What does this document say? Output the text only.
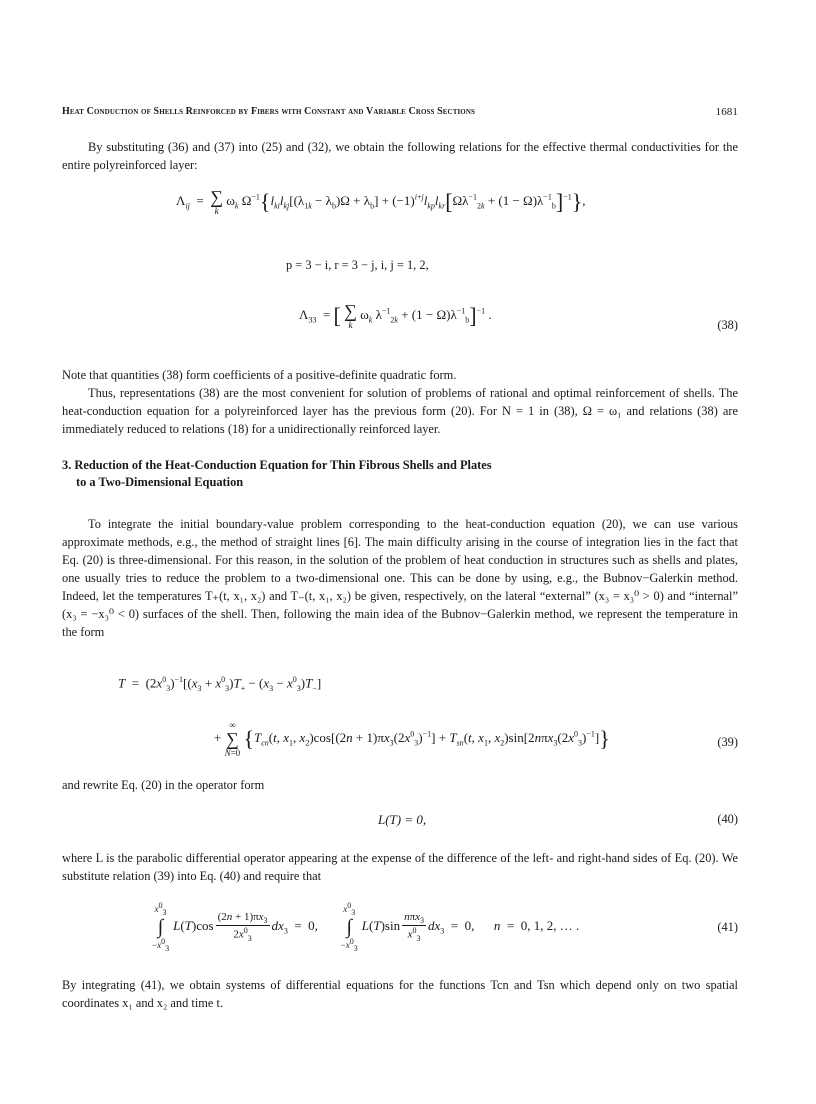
Heat Conduction of Shells Reinforced by Fibers with Constant and Variable Cross Sections	1681

By substituting (36) and (37) into (25) and (32), we obtain the following relations for the effective thermal conductivities for the entire polyreinforced layer:

$\Lambda_{ij}$  = ∑
k
$\omega_k$ $\Omega^{-1}\{l_{ki}l_{kj}[(\lambda_{1k} - \lambda_b)\Omega + \lambda_b] + (-1)^{i+j}l_{kp}l_{kr}[\Omega\lambda^{-1}_{2k} + (1 - \Omega)\lambda^{-1}_b]^{-1}\}$,
p = 3 − i, r = 3 − j, i, j = 1, 2,
$\Lambda_{33}$  = [ ∑
k
$\omega_k$ $\lambda^{-1}_{2k} + (1 - \Omega)\lambda^{-1}_b]^{-1}$ .
(38)

Note that quantities (38) form coefficients of a positive-definite quadratic form.

Thus, representations (38) are the most convenient for solution of problems of rational and optimal reinforcement of shells. The heat-conduction equation for a polyreinforced layer has the previous form (20). For N = 1 in (38), Ω = ω₁ and relations (38) are immediately reduced to relations (18) for a unidirectionally reinforced layer.

3. Reduction of the Heat-Conduction Equation for Thin Fibrous Shells and Plates
to a Two-Dimensional Equation

To integrate the initial boundary-value problem corresponding to the heat-conduction equation (20), we can use various approximate methods, e.g., the method of straight lines [6]. The main difficulty arising in the course of integration lies in the fact that Eq. (20) is three-dimensional. For this reason, in the solution of the problem of heat conduction in structures such as shells and plates, one usually tries to reduce the problem to a two-dimensional one. This can be done by using, e.g., the Bubnov−Galerkin method. Indeed, let the temperatures T₊(t, x₁, x₂) and T₋(t, x₁, x₂) be given, respectively, on the lateral “external” (x₃ = x₃⁰ > 0) and “internal” (x₃ = −x₃⁰ < 0) surfaces of the shell. Then, following the main idea of the Bubnov−Galerkin method, we represent the temperature in the form

$T = (2x^0_3)^{-1}[(x_3 + x^0_3)T_+ - (x_3 - x^0_3)T_-]$
+
∞
∑
N=0
{$T_{cn}(t$, $x_1$, $x_2)\cos[(2n + 1)\pi x_3(2x^0_3)^{-1}] + T_{sn}(t$, $x_1$, $x_2)\sin[2n\pi x_3(2x^0_3)^{-1}]$}	(39)

and rewrite Eq. (20) in the operator form

L(T) = 0,	(40)

where L is the parabolic differential operator appearing at the expense of the difference of the left- and right-hand sides of Eq. (20). We substitute relation (39) into Eq. (40) and require that

$x^0_3$
∫
$-x^0_3$
$L(T)\cos \frac{(2n + 1)\pi x_3}{2x^0_3} dx_3 = 0$,
$x^0_3$
∫
$-x^0_3$
$L(T)\sin \frac{n\pi x_3}{x^0_3} dx_3 = 0$,      n  =  0, 1, 2, … .	(41)

By integrating (41), we obtain systems of differential equations for the functions Tcn and Tsn which depend only on two spatial coordinates x₁ and x₂ and time t.
